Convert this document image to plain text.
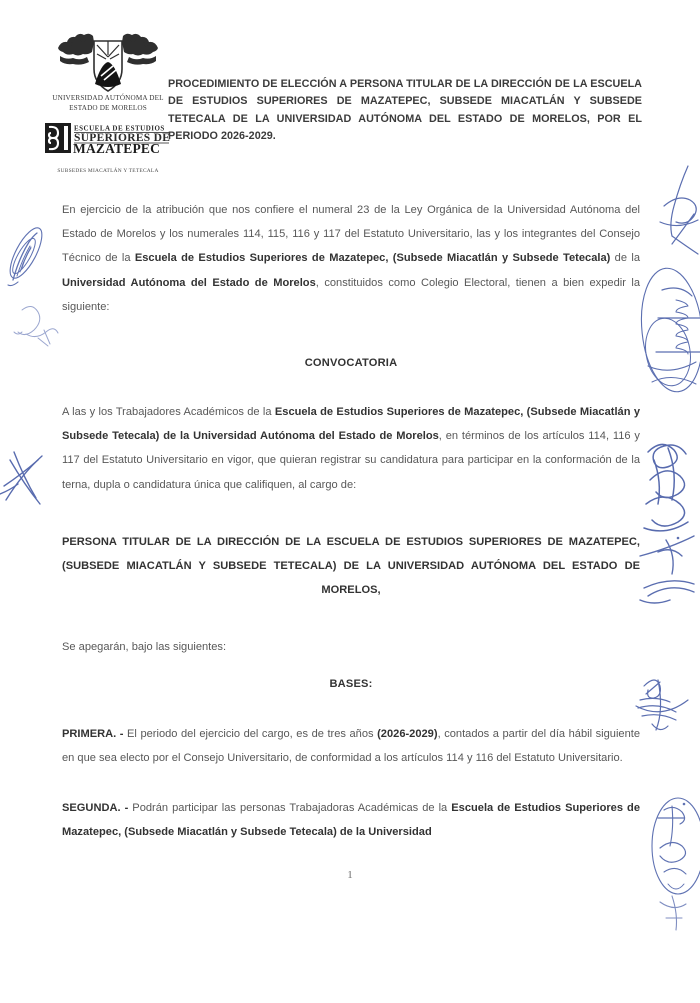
UNIVERSIDAD AUTÓNOMA DEL
ESTADO DE MORELOS
ESCUELA DE ESTUDIOS
SUPERIORES DE
MAZATEPEC
SUBSEDES MIACATLÁN Y TETECALA
PROCEDIMIENTO DE ELECCIÓN A PERSONA TITULAR DE LA DIRECCIÓN DE LA ESCUELA DE ESTUDIOS SUPERIORES DE MAZATEPEC, SUBSEDE MIACATLÁN Y SUBSEDE TETECALA DE LA UNIVERSIDAD AUTÓNOMA DEL ESTADO DE MORELOS, POR EL PERIODO 2026-2029.

En ejercicio de la atribución que nos confiere el numeral 23 de la Ley Orgánica de la Universidad Autónoma del Estado de Morelos y los numerales 114, 115, 116 y 117 del Estatuto Universitario, las y los integrantes del Consejo Técnico de la Escuela de Estudios Superiores de Mazatepec, (Subsede Miacatlán y Subsede Tetecala) de la Universidad Autónoma del Estado de Morelos, constituidos como Colegio Electoral, tienen a bien expedir la siguiente:

CONVOCATORIA

A las y los Trabajadores Académicos de la Escuela de Estudios Superiores de Mazatepec, (Subsede Miacatlán y Subsede Tetecala) de la Universidad Autónoma del Estado de Morelos, en términos de los artículos 114, 116 y 117 del Estatuto Universitario en vigor, que quieran registrar su candidatura para participar en la conformación de la terna, dupla o candidatura única que califiquen, al cargo de:

PERSONA TITULAR DE LA DIRECCIÓN DE LA ESCUELA DE ESTUDIOS SUPERIORES DE MAZATEPEC,
(SUBSEDE MIACATLÁN Y SUBSEDE TETECALA) DE LA UNIVERSIDAD AUTÓNOMA DEL ESTADO DE
MORELOS,

Se apegarán, bajo las siguientes:

BASES:

PRIMERA. - El periodo del ejercicio del cargo, es de tres años (2026-2029), contados a partir del día hábil siguiente en que sea electo por el Consejo Universitario, de conformidad a los artículos 114 y 116 del Estatuto Universitario.

SEGUNDA. - Podrán participar las personas Trabajadoras Académicas de la Escuela de Estudios Superiores de Mazatepec, (Subsede Miacatlán y Subsede Tetecala) de la Universidad

1
